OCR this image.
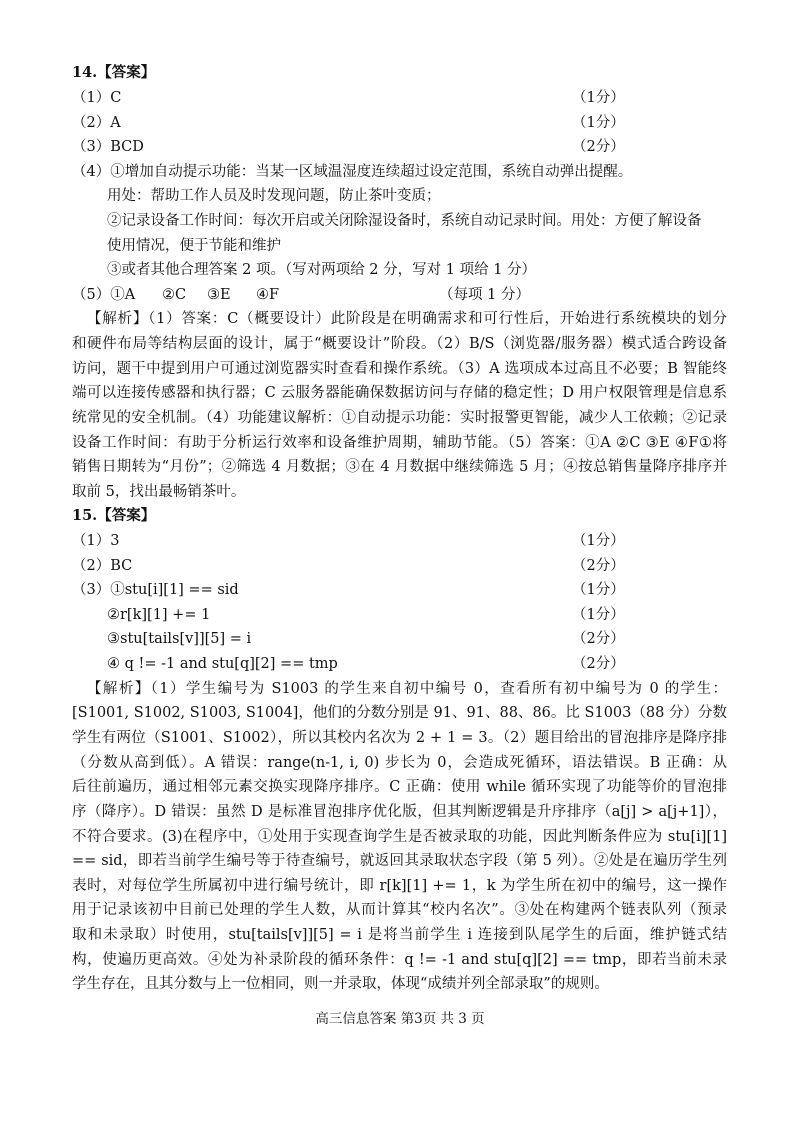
14.【答案】
（1）C	（1分）
（2）A	（1分）
（3）BCD	（2分）
（4）①增加自动提示功能：当某一区域温湿度连续超过设定范围，系统自动弹出提醒。
用处：帮助工作人员及时发现问题，防止茶叶变质；
②记录设备工作时间：每次开启或关闭除湿设备时，系统自动记录时间。用处：方便了解设备
使用情况，便于节能和维护
③或者其他合理答案 2 项。（写对两项给 2 分，写对 1 项给 1 分）
（5）①A ②C ③E ④F	（每项 1 分）
【解析】（1）答案：C（概要设计）此阶段是在明确需求和可行性后，开始进行系统模块的划分
和硬件布局等结构层面的设计，属于“概要设计”阶段。（2）B/S（浏览器/服务器）模式适合跨设备
访问，题干中提到用户可通过浏览器实时查看和操作系统。（3）A 选项成本过高且不必要；B 智能终
端可以连接传感器和执行器；C 云服务器能确保数据访问与存储的稳定性；D 用户权限管理是信息系
统常见的安全机制。（4）功能建议解析：①自动提示功能：实时报警更智能，减少人工依赖；②记录
设备工作时间：有助于分析运行效率和设备维护周期，辅助节能。（5）答案：①A ②C ③E ④F①将
销售日期转为“月份”；②筛选 4 月数据；③在 4 月数据中继续筛选 5 月；④按总销售量降序排序并
取前 5，找出最畅销茶叶。
15.【答案】
（1）3	（1分）
（2）BC	（2分）
（3）①stu[i][1] == sid	（1分）
②r[k][1] += 1	（1分）
③stu[tails[v]][5] = i	（2分）
④ q != -1 and stu[q][2] == tmp	（2分）
【解析】（1）学生编号为 S1003 的学生来自初中编号 0，查看所有初中编号为 0 的学生：
[S1001, S1002, S1003, S1004]，他们的分数分别是 91、91、88、86。比 S1003（88 分）分数
学生有两位（S1001、S1002），所以其校内名次为 2 + 1 = 3。（2）题目给出的冒泡排序是降序排
（分数从高到低）。A 错误：range(n-1, i, 0) 步长为 0，会造成死循环，语法错误。B 正确：从
后往前遍历，通过相邻元素交换实现降序排序。C 正确：使用 while 循环实现了功能等价的冒泡排
序（降序）。D 错误：虽然 D 是标准冒泡排序优化版，但其判断逻辑是升序排序（a[j] > a[j+1]），
不符合要求。(3)在程序中，①处用于实现查询学生是否被录取的功能，因此判断条件应为 stu[i][1]
== sid，即若当前学生编号等于待查编号，就返回其录取状态字段（第 5 列）。②处是在遍历学生列
表时，对每位学生所属初中进行编号统计，即 r[k][1] += 1，k 为学生所在初中的编号，这一操作
用于记录该初中目前已处理的学生人数，从而计算其“校内名次”。③处在构建两个链表队列（预录
取和未录取）时使用，stu[tails[v]][5] = i 是将当前学生 i 连接到队尾学生的后面，维护链式结
构，使遍历更高效。④处为补录阶段的循环条件：q != -1 and stu[q][2] == tmp，即若当前未录
学生存在，且其分数与上一位相同，则一并录取，体现“成绩并列全部录取”的规则。
高三信息答案 第3页 共 3 页
